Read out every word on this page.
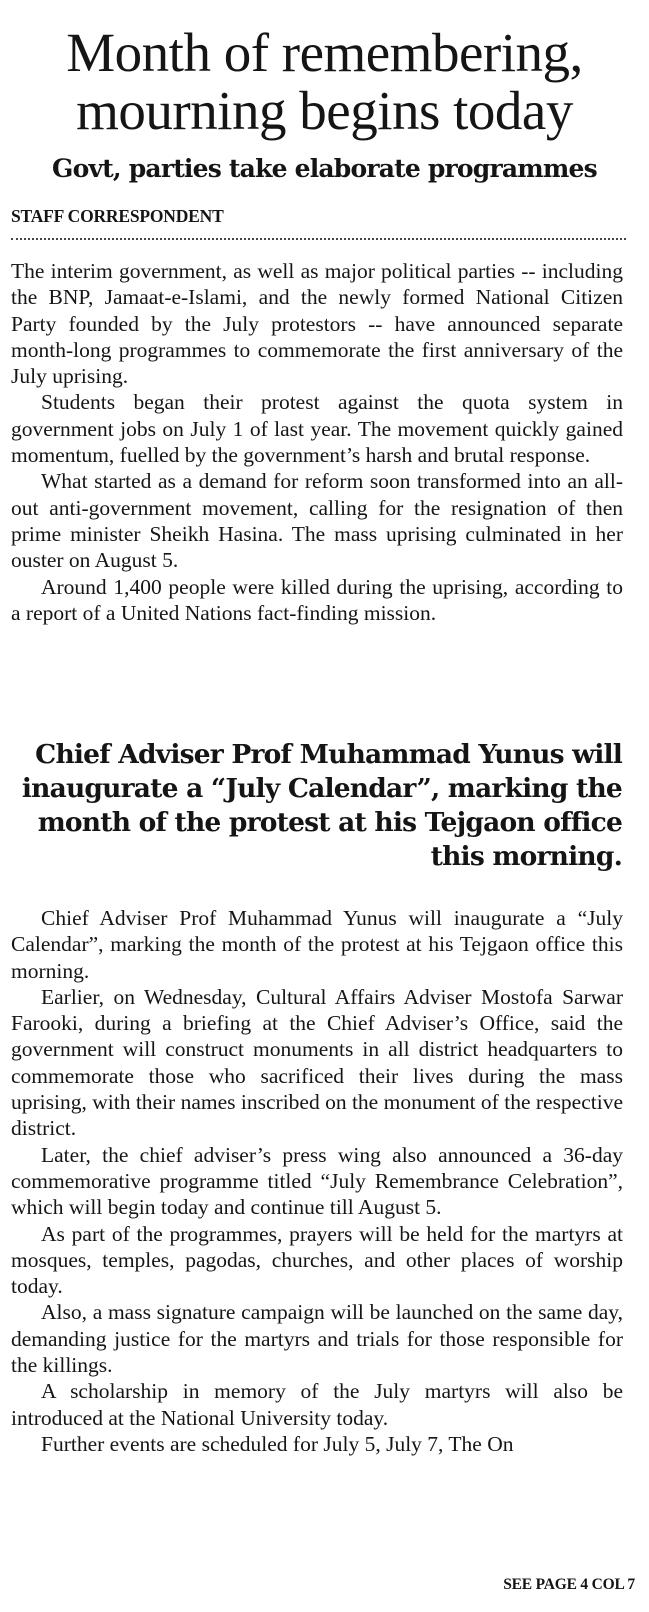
Month of remembering, mourning begins today
Govt, parties take elaborate programmes
STAFF CORRESPONDENT

The interim government, as well as major political parties -- including the BNP, Jamaat-e-Islami, and the newly formed National Citizen Party founded by the July protestors -- have announced separate month-long programmes to commemorate the first anniversary of the July uprising.

Students began their protest against the quota system in government jobs on July 1 of last year. The movement quickly gained momentum, fuelled by the government’s harsh and brutal response.

What started as a demand for reform soon transformed into an all-out anti-government movement, calling for the resignation of then prime minister Sheikh Hasina. The mass uprising culminated in her ouster on August 5.

Around 1,400 people were killed during the uprising, according to a report of a United Nations fact-finding mission.

Chief Adviser Prof Muhammad Yunus will inaugurate a “July Calendar”, marking the month of the protest at his Tejgaon office this morning.

Chief Adviser Prof Muhammad Yunus will inaugurate a “July Calendar”, marking the month of the protest at his Tejgaon office this morning.

Earlier, on Wednesday, Cultural Affairs Adviser Mostofa Sarwar Farooki, during a briefing at the Chief Adviser’s Office, said the government will construct monuments in all district headquarters to commemorate those who sacrificed their lives during the mass uprising, with their names inscribed on the monument of the respective district.

Later, the chief adviser’s press wing also announced a 36-day commemorative programme titled “July Remembrance Celebration”, which will begin today and continue till August 5.

As part of the programmes, prayers will be held for the martyrs at mosques, temples, pagodas, churches, and other places of worship today.

Also, a mass signature campaign will be launched on the same day, demanding justice for the martyrs and trials for those responsible for the killings.

A scholarship in memory of the July martyrs will also be introduced at the National University today.

Further events are scheduled for July 5, July 7, The On

SEE PAGE 4 COL 7
